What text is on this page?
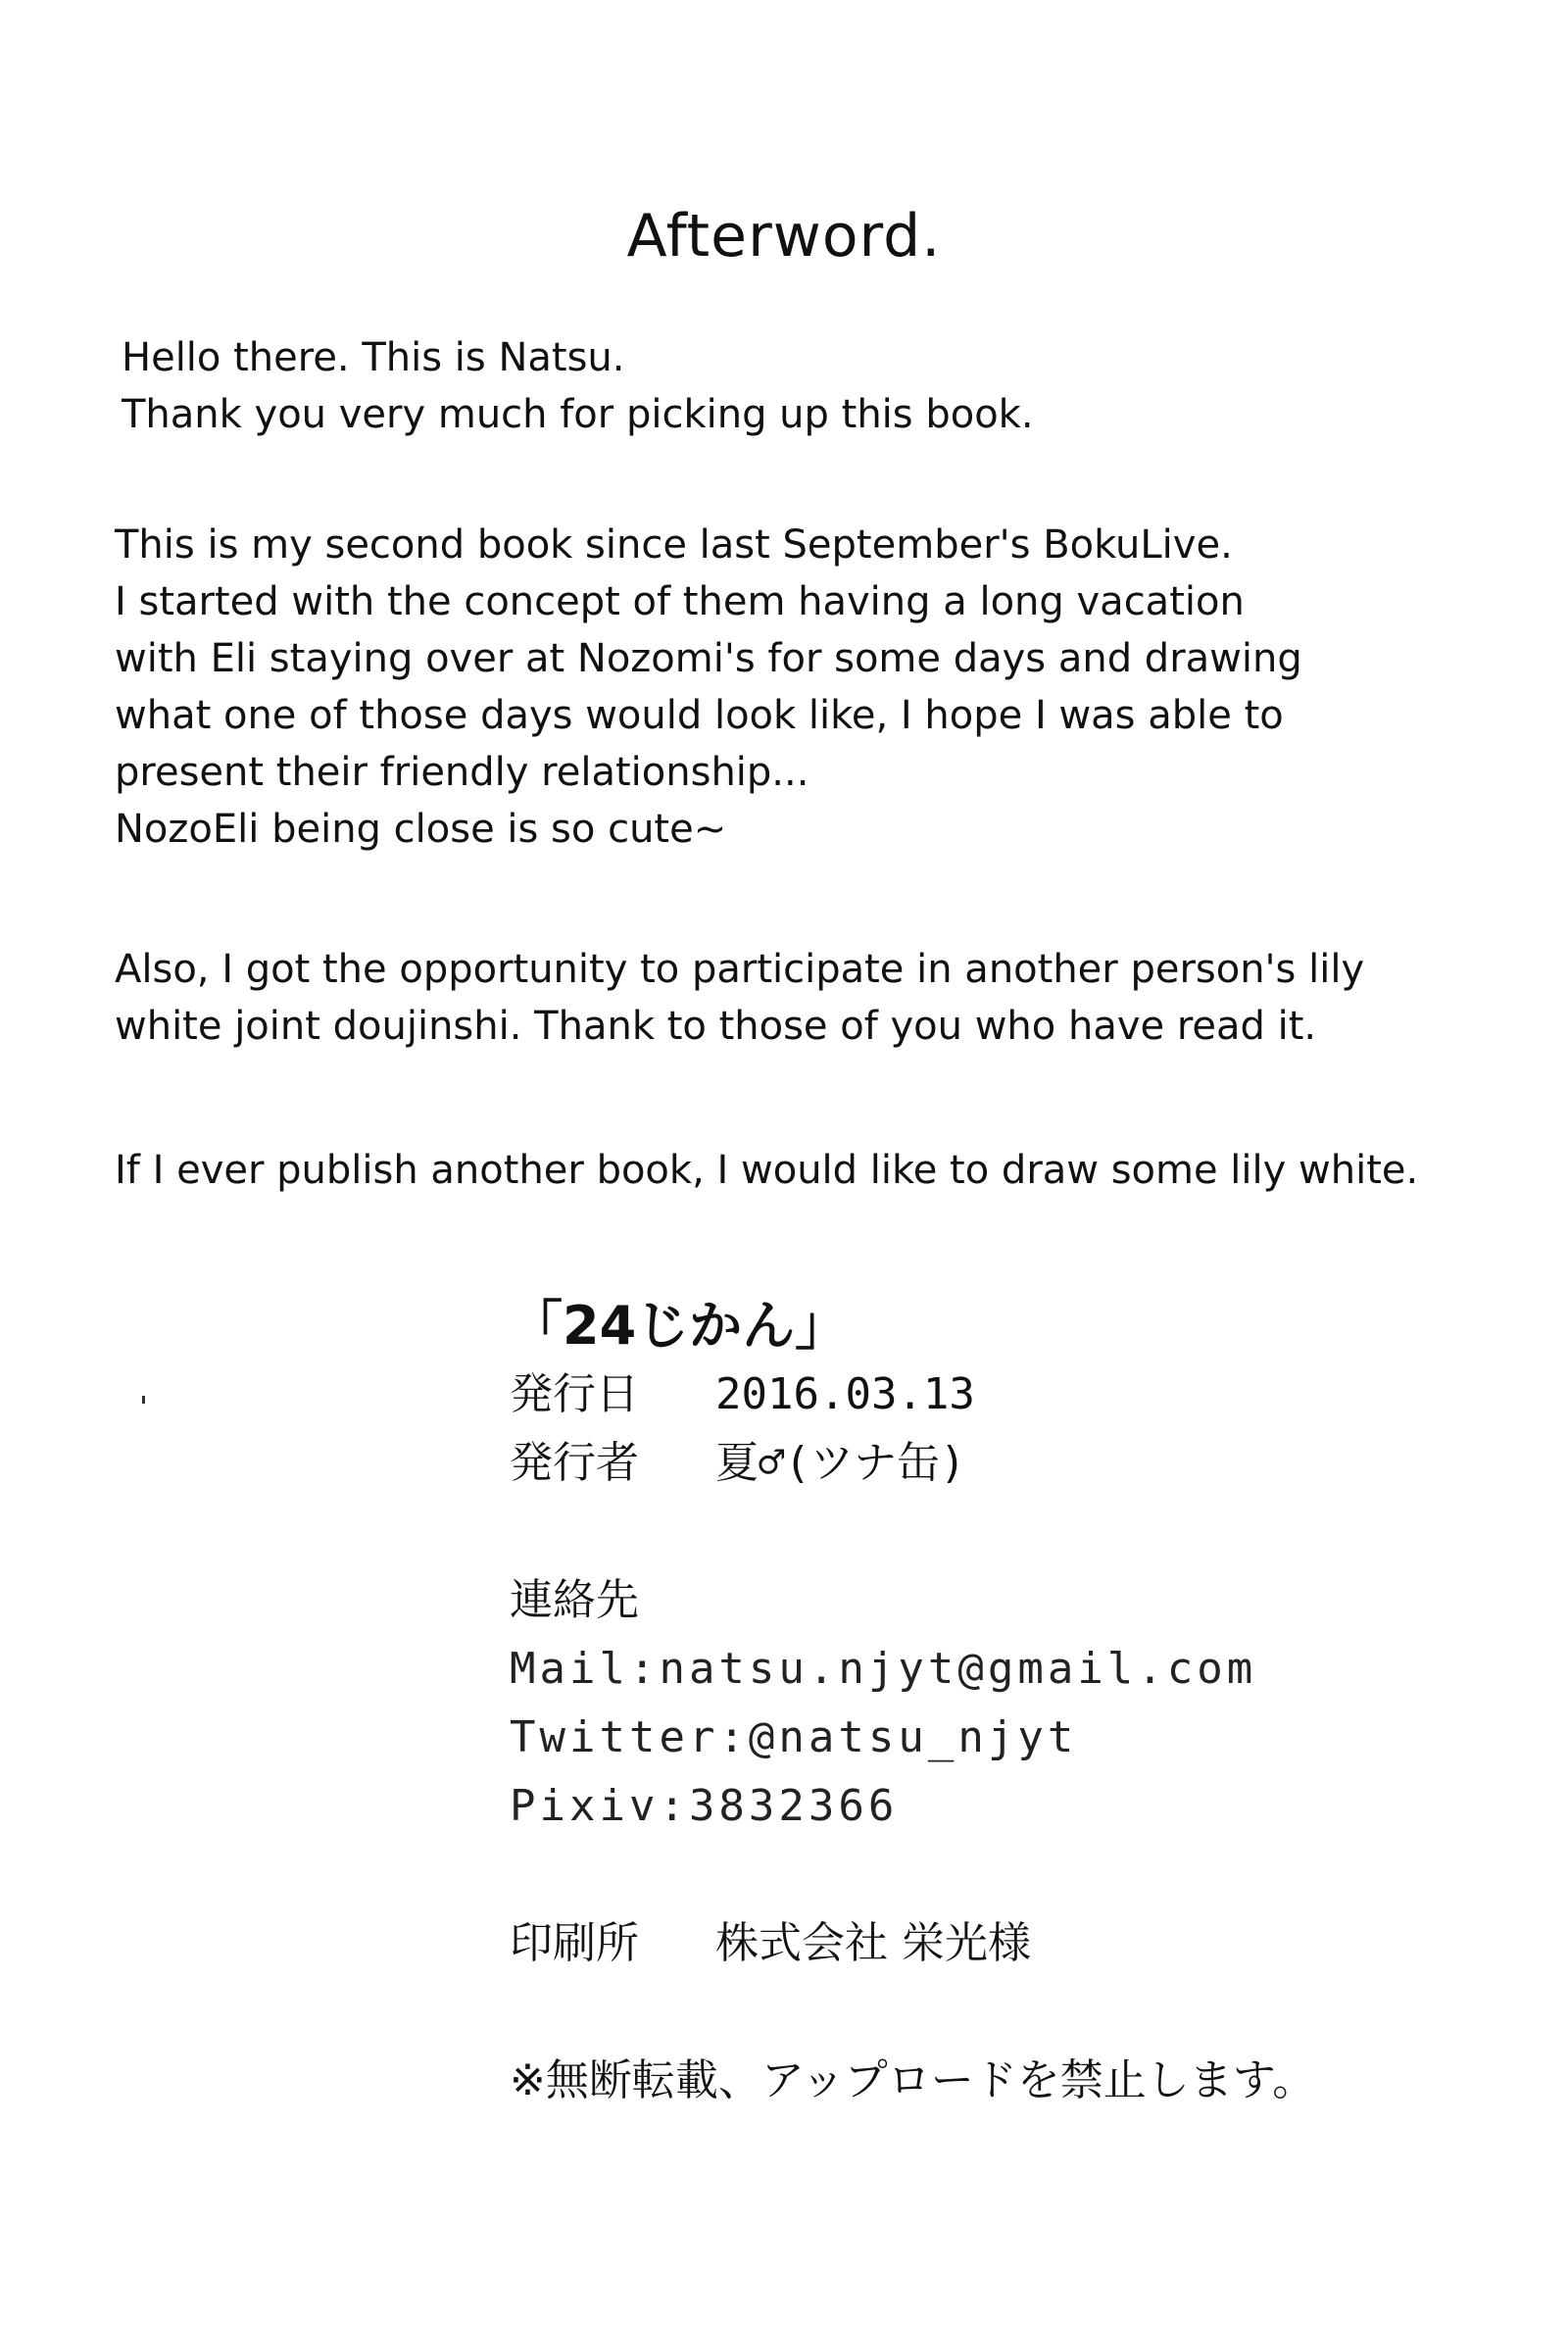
Afterword.

Hello there. This is Natsu.
Thank you very much for picking up this book.

This is my second book since last September's BokuLive.
I started with the concept of them having a long vacation
with Eli staying over at Nozomi's for some days and drawing
what one of those days would look like, I hope I was able to
present their friendly relationship...
NozoEli being close is so cute~

Also, I got the opportunity to participate in another person's lily
white joint doujinshi. Thank to those of you who have read it.

If I ever publish another book, I would like to draw some lily white.

「24じかん」
発行日 2016.03.13
発行者 夏♂(ツナ缶)
連絡先
Mail:natsu.njyt@gmail.com
Twitter:@natsu_njyt
Pixiv:3832366
印刷所 株式会社 栄光様
※無断転載、アップロードを禁止します。
